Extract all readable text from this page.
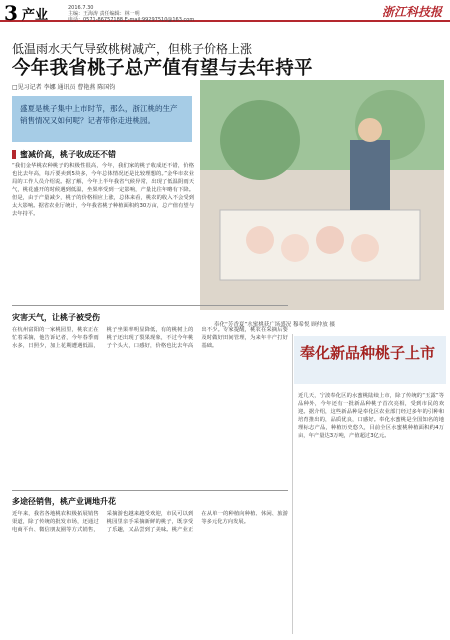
3 产业	2016.7.30
主编：王海涛 责任编辑：林一明
电话：0571-86757188 E-mail:99297510@163.com
浙江科技报
低温雨水天气导致桃树减产，但桃子价格上涨
今年我省桃子总产值有望与去年持平
□见习记者 李娜 通讯员 曹艳燕 陈国钧
盛夏是桃子集中上市时节，那么，浙江桃的生产销售情况又如何呢？记者带你走进桃园。
奉化“芳香夏”水蜜桃获广场盛况 穆希悦 顾仲放 摄
蜜减价高，桃子收成还不错
“我们金华桃农种桃子的积极性很高，今年，我们家的桃子收成还不错，价格也比去年高，每斤要卖到5块多，今年总体情况还是比较理想的。”金华市农业局的工作人员介绍说。据了解，今年上半年我省气候异常，出现了低温阴雨天气，桃花盛开的时候遇到低温，坐果率受到一定影响，产量比往年略有下降。但是，由于产量减少，桃子的价格相应上涨，总体来看，桃农的收入不会受到太大影响。据省农业厅统计，今年我省桃子种植面积约30万亩，总产值有望与去年持平。
灾害天气，让桃子被受伤
在杭州富阳的一家桃园里，桃农正在忙着采摘，他告诉记者，今年春季雨水多，日照少，加上花期遭遇低温，桃子坐果率明显降低，有的桃树上的桃子还出现了裂果现象，不过今年桃子个头大，口感好，价格也比去年高出不少。专家提醒，桃农在采摘后要及时做好田间管理，为来年丰产打好基础。
多途径销售，桃产业调地升花
近年来，我省各地桃农积极拓展销售渠道，除了传统的批发市场，还通过电商平台、微信朋友圈等方式销售，采摘游也越来越受欢迎，市民可以到桃园里亲手采摘新鲜的桃子，既享受了乐趣，又品尝到了美味。桃产业正在从单一的种植向种植、休闲、旅游等多元化方向发展。
奉化新品种桃子上市
近几天，宁波奉化区的水蜜桃陆续上市，除了传统的“玉露”等品种外，今年还有一批新品种桃子首次亮相，受到市民的欢迎。据介绍，这些新品种是奉化区农业部门经过多年的引种和培育推出的，品质优良，口感好。奉化水蜜桃是全国知名的地理标志产品，种植历史悠久，目前全区水蜜桃种植面积约4万亩，年产量达3万吨，产值超过3亿元。
